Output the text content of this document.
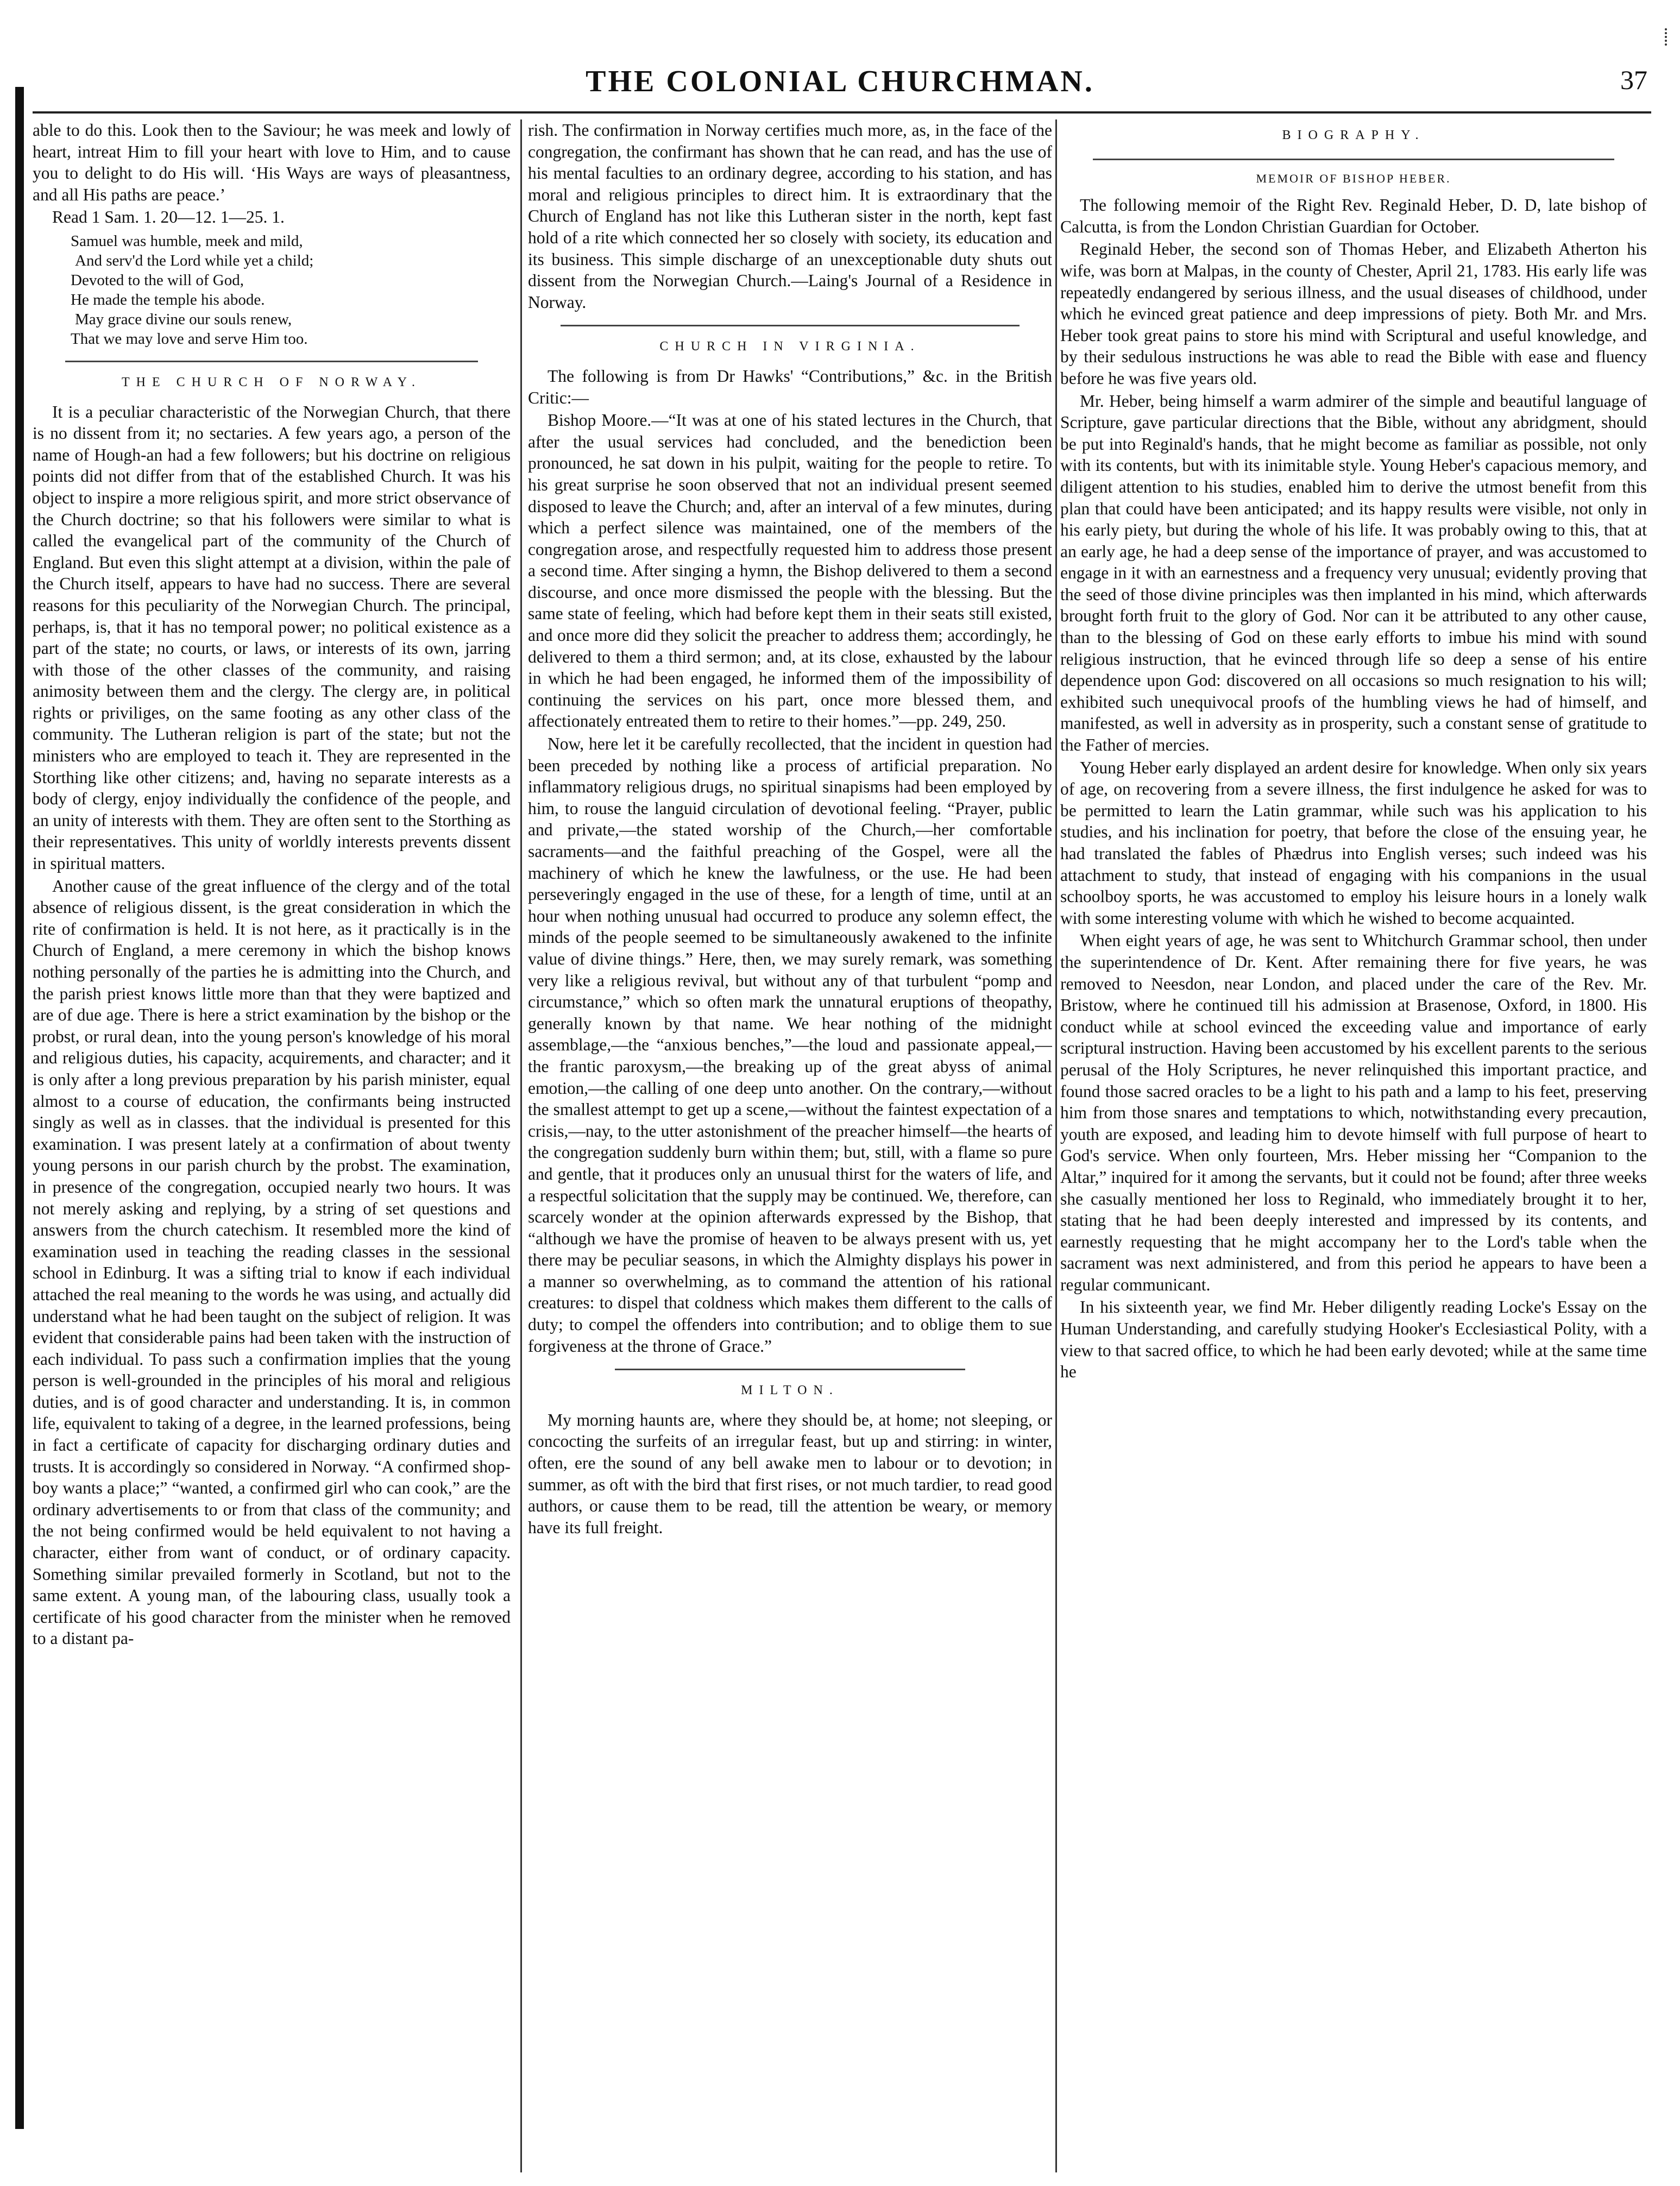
THE COLONIAL CHURCHMAN.	37

able to do this. Look then to the Saviour; he was meek and lowly of heart, intreat Him to fill your heart with love to Him, and to cause you to delight to do His will. ‘His Ways are ways of pleasantness, and all His paths are peace.’

Read 1 Sam. 1. 20—12. 1—25. 1.

Samuel was humble, meek and mild,
And serv'd the Lord while yet a child;
Devoted to the will of God,
He made the temple his abode.
May grace divine our souls renew,
That we may love and serve Him too.
THE CHURCH OF NORWAY.

It is a peculiar characteristic of the Norwegian Church, that there is no dissent from it; no sectaries. A few years ago, a person of the name of Hough-an had a few followers; but his doctrine on religious points did not differ from that of the established Church. It was his object to inspire a more religious spirit, and more strict observance of the Church doctrine; so that his followers were similar to what is called the evangelical part of the community of the Church of England. But even this slight attempt at a division, within the pale of the Church itself, appears to have had no success. There are several reasons for this peculiarity of the Norwegian Church. The principal, perhaps, is, that it has no temporal power; no political existence as a part of the state; no courts, or laws, or interests of its own, jarring with those of the other classes of the community, and raising animosity between them and the clergy. The clergy are, in political rights or priviliges, on the same footing as any other class of the community. The Lutheran religion is part of the state; but not the ministers who are employed to teach it. They are represented in the Storthing like other citizens; and, having no separate interests as a body of clergy, enjoy individually the confidence of the people, and an unity of interests with them. They are often sent to the Storthing as their representatives. This unity of worldly interests prevents dissent in spiritual matters.

Another cause of the great influence of the clergy and of the total absence of religious dissent, is the great consideration in which the rite of confirmation is held. It is not here, as it practically is in the Church of England, a mere ceremony in which the bishop knows nothing personally of the parties he is admitting into the Church, and the parish priest knows little more than that they were baptized and are of due age. There is here a strict examination by the bishop or the probst, or rural dean, into the young person's knowledge of his moral and religious duties, his capacity, acquirements, and character; and it is only after a long previous preparation by his parish minister, equal almost to a course of education, the confirmants being instructed singly as well as in classes. that the individual is presented for this examination. I was present lately at a confirmation of about twenty young persons in our parish church by the probst. The examination, in presence of the congregation, occupied nearly two hours. It was not merely asking and replying, by a string of set questions and answers from the church catechism. It resembled more the kind of examination used in teaching the reading classes in the sessional school in Edinburg. It was a sifting trial to know if each individual attached the real meaning to the words he was using, and actually did understand what he had been taught on the subject of religion. It was evident that considerable pains had been taken with the instruction of each individual. To pass such a confirmation implies that the young person is well-grounded in the principles of his moral and religious duties, and is of good character and understanding. It is, in common life, equivalent to taking of a degree, in the learned professions, being in fact a certificate of capacity for discharging ordinary duties and trusts. It is accordingly so considered in Norway. “A confirmed shop-boy wants a place;” “wanted, a confirmed girl who can cook,” are the ordinary advertisements to or from that class of the community; and the not being confirmed would be held equivalent to not having a character, either from want of conduct, or of ordinary capacity. Something similar prevailed formerly in Scotland, but not to the same extent. A young man, of the labouring class, usually took a certificate of his good character from the minister when he removed to a distant pa-

rish. The confirmation in Norway certifies much more, as, in the face of the congregation, the confirmant has shown that he can read, and has the use of his mental faculties to an ordinary degree, according to his station, and has moral and religious principles to direct him. It is extraordinary that the Church of England has not like this Lutheran sister in the north, kept fast hold of a rite which connected her so closely with society, its education and its business. This simple discharge of an unexceptionable duty shuts out dissent from the Norwegian Church.—Laing's Journal of a Residence in Norway.

CHURCH IN VIRGINIA.

The following is from Dr Hawks' “Contributions,” &c. in the British Critic:—

Bishop Moore.—“It was at one of his stated lectures in the Church, that after the usual services had concluded, and the benediction been pronounced, he sat down in his pulpit, waiting for the people to retire. To his great surprise he soon observed that not an individual present seemed disposed to leave the Church; and, after an interval of a few minutes, during which a perfect silence was maintained, one of the members of the congregation arose, and respectfully requested him to address those present a second time. After singing a hymn, the Bishop delivered to them a second discourse, and once more dismissed the people with the blessing. But the same state of feeling, which had before kept them in their seats still existed, and once more did they solicit the preacher to address them; accordingly, he delivered to them a third sermon; and, at its close, exhausted by the labour in which he had been engaged, he informed them of the impossibility of continuing the services on his part, once more blessed them, and affectionately entreated them to retire to their homes.”—pp. 249, 250.

Now, here let it be carefully recollected, that the incident in question had been preceded by nothing like a process of artificial preparation. No inflammatory religious drugs, no spiritual sinapisms had been employed by him, to rouse the languid circulation of devotional feeling. “Prayer, public and private,—the stated worship of the Church,—her comfortable sacraments—and the faithful preaching of the Gospel, were all the machinery of which he knew the lawfulness, or the use. He had been perseveringly engaged in the use of these, for a length of time, until at an hour when nothing unusual had occurred to produce any solemn effect, the minds of the people seemed to be simultaneously awakened to the infinite value of divine things.” Here, then, we may surely remark, was something very like a religious revival, but without any of that turbulent “pomp and circumstance,” which so often mark the unnatural eruptions of theopathy, generally known by that name. We hear nothing of the midnight assemblage,—the “anxious benches,”—the loud and passionate appeal,—the frantic paroxysm,—the breaking up of the great abyss of animal emotion,—the calling of one deep unto another. On the contrary,—without the smallest attempt to get up a scene,—without the faintest expectation of a crisis,—nay, to the utter astonishment of the preacher himself—the hearts of the congregation suddenly burn within them; but, still, with a flame so pure and gentle, that it produces only an unusual thirst for the waters of life, and a respectful solicitation that the supply may be continued. We, therefore, can scarcely wonder at the opinion afterwards expressed by the Bishop, that “although we have the promise of heaven to be always present with us, yet there may be peculiar seasons, in which the Almighty displays his power in a manner so overwhelming, as to command the attention of his rational creatures: to dispel that coldness which makes them different to the calls of duty; to compel the offenders into contribution; and to oblige them to sue forgiveness at the throne of Grace.”

MILTON.

My morning haunts are, where they should be, at home; not sleeping, or concocting the surfeits of an irregular feast, but up and stirring: in winter, often, ere the sound of any bell awake men to labour or to devotion; in summer, as oft with the bird that first rises, or not much tardier, to read good authors, or cause them to be read, till the attention be weary, or memory have its full freight.

BIOGRAPHY.
MEMOIR OF BISHOP HEBER.

The following memoir of the Right Rev. Reginald Heber, D. D, late bishop of Calcutta, is from the London Christian Guardian for October.

Reginald Heber, the second son of Thomas Heber, and Elizabeth Atherton his wife, was born at Malpas, in the county of Chester, April 21, 1783. His early life was repeatedly endangered by serious illness, and the usual diseases of childhood, under which he evinced great patience and deep impressions of piety. Both Mr. and Mrs. Heber took great pains to store his mind with Scriptural and useful knowledge, and by their sedulous instructions he was able to read the Bible with ease and fluency before he was five years old.

Mr. Heber, being himself a warm admirer of the simple and beautiful language of Scripture, gave particular directions that the Bible, without any abridgment, should be put into Reginald's hands, that he might become as familiar as possible, not only with its contents, but with its inimitable style. Young Heber's capacious memory, and diligent attention to his studies, enabled him to derive the utmost benefit from this plan that could have been anticipated; and its happy results were visible, not only in his early piety, but during the whole of his life. It was probably owing to this, that at an early age, he had a deep sense of the importance of prayer, and was accustomed to engage in it with an earnestness and a frequency very unusual; evidently proving that the seed of those divine principles was then implanted in his mind, which afterwards brought forth fruit to the glory of God. Nor can it be attributed to any other cause, than to the blessing of God on these early efforts to imbue his mind with sound religious instruction, that he evinced through life so deep a sense of his entire dependence upon God: discovered on all occasions so much resignation to his will; exhibited such unequivocal proofs of the humbling views he had of himself, and manifested, as well in adversity as in prosperity, such a constant sense of gratitude to the Father of mercies.

Young Heber early displayed an ardent desire for knowledge. When only six years of age, on recovering from a severe illness, the first indulgence he asked for was to be permitted to learn the Latin grammar, while such was his application to his studies, and his inclination for poetry, that before the close of the ensuing year, he had translated the fables of Phædrus into English verses; such indeed was his attachment to study, that instead of engaging with his companions in the usual schoolboy sports, he was accustomed to employ his leisure hours in a lonely walk with some interesting volume with which he wished to become acquainted.

When eight years of age, he was sent to Whitchurch Grammar school, then under the superintendence of Dr. Kent. After remaining there for five years, he was removed to Neesdon, near London, and placed under the care of the Rev. Mr. Bristow, where he continued till his admission at Brasenose, Oxford, in 1800. His conduct while at school evinced the exceeding value and importance of early scriptural instruction. Having been accustomed by his excellent parents to the serious perusal of the Holy Scriptures, he never relinquished this important practice, and found those sacred oracles to be a light to his path and a lamp to his feet, preserving him from those snares and temptations to which, notwithstanding every precaution, youth are exposed, and leading him to devote himself with full purpose of heart to God's service. When only fourteen, Mrs. Heber missing her “Companion to the Altar,” inquired for it among the servants, but it could not be found; after three weeks she casually mentioned her loss to Reginald, who immediately brought it to her, stating that he had been deeply interested and impressed by its contents, and earnestly requesting that he might accompany her to the Lord's table when the sacrament was next administered, and from this period he appears to have been a regular communicant.

In his sixteenth year, we find Mr. Heber diligently reading Locke's Essay on the Human Understanding, and carefully studying Hooker's Ecclesiastical Polity, with a view to that sacred office, to which he had been early devoted; while at the same time he
